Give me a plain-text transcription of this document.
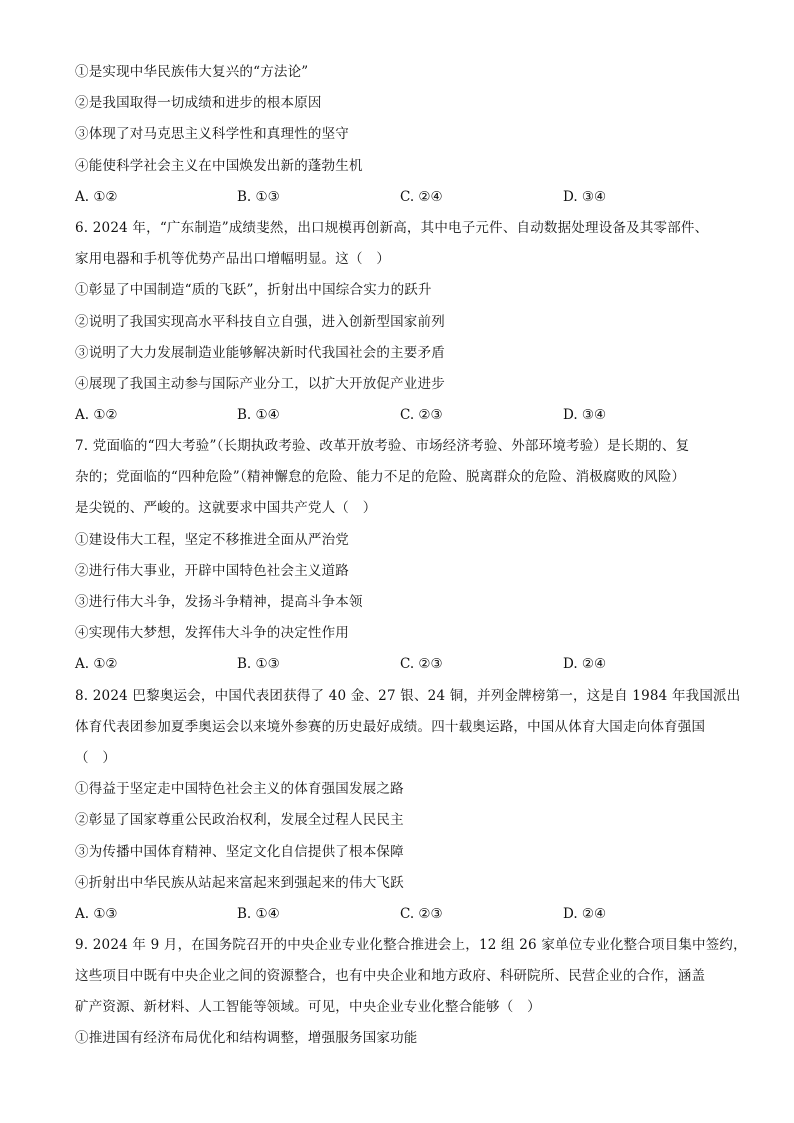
①是实现中华民族伟大复兴的“方法论”
②是我国取得一切成绩和进步的根本原因
③体现了对马克思主义科学性和真理性的坚守
④能使科学社会主义在中国焕发出新的蓬勃生机
A. ①②	B. ①③	C. ②④	D. ③④
6. 2024 年，“广东制造”成绩斐然，出口规模再创新高，其中电子元件、自动数据处理设备及其零部件、
家用电器和手机等优势产品出口增幅明显。这（　）
①彰显了中国制造“质的飞跃”，折射出中国综合实力的跃升
②说明了我国实现高水平科技自立自强，进入创新型国家前列
③说明了大力发展制造业能够解决新时代我国社会的主要矛盾
④展现了我国主动参与国际产业分工，以扩大开放促产业进步
A. ①②	B. ①④	C. ②③	D. ③④
7. 党面临的“四大考验”（长期执政考验、改革开放考验、市场经济考验、外部环境考验）是长期的、复
杂的；党面临的“四种危险”（精神懈怠的危险、能力不足的危险、脱离群众的危险、消极腐败的风险）
是尖锐的、严峻的。这就要求中国共产党人（　）
①建设伟大工程，坚定不移推进全面从严治党
②进行伟大事业，开辟中国特色社会主义道路
③进行伟大斗争，发扬斗争精神，提高斗争本领
④实现伟大梦想，发挥伟大斗争的决定性作用
A. ①②	B. ①③	C. ②③	D. ②④
8. 2024 巴黎奥运会，中国代表团获得了 40 金、27 银、24 铜，并列金牌榜第一，这是自 1984 年我国派出
体育代表团参加夏季奥运会以来境外参赛的历史最好成绩。四十载奥运路，中国从体育大国走向体育强国
（　）
①得益于坚定走中国特色社会主义的体育强国发展之路
②彰显了国家尊重公民政治权利，发展全过程人民民主
③为传播中国体育精神、坚定文化自信提供了根本保障
④折射出中华民族从站起来富起来到强起来的伟大飞跃
A. ①③	B. ①④	C. ②③	D. ②④
9. 2024 年 9 月，在国务院召开的中央企业专业化整合推进会上，12 组 26 家单位专业化整合项目集中签约，
这些项目中既有中央企业之间的资源整合，也有中央企业和地方政府、科研院所、民营企业的合作，涵盖
矿产资源、新材料、人工智能等领域。可见，中央企业专业化整合能够（　）
①推进国有经济布局优化和结构调整，增强服务国家功能
